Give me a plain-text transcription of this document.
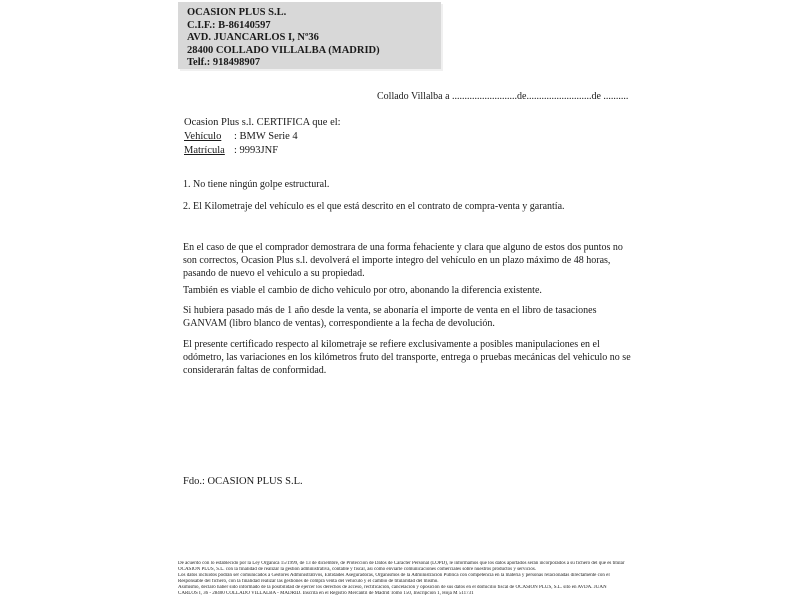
OCASION PLUS S.L.
C.I.F.: B-86140597
AVD. JUANCARLOS I, Nº36
28400 COLLADO VILLALBA (MADRID)
Telf.: 918498907
Collado Villalba a ..........................de..........................de ..........
Ocasion Plus s.l. CERTIFICA que el:
Vehículo : BMW Serie 4
Matrícula : 9993JNF
1. No tiene ningún golpe estructural.
2. El Kilometraje del vehículo es el que está descrito en el contrato de compra-venta y garantía.
En el caso de que el comprador demostrara de una forma fehaciente y clara que alguno de estos dos puntos no son correctos, Ocasion Plus s.l. devolverá el importe integro del vehículo en un plazo máximo de 48 horas, pasando de nuevo el vehiculo a su propiedad.
También es viable el cambio de dicho vehiculo por otro, abonando la diferencia existente.
Si hubiera pasado más de 1 año desde la venta, se abonaría el importe de venta en el libro de tasaciones GANVAM (libro blanco de ventas), correspondiente a la fecha de devolución.
El presente certificado respecto al kilometraje se refiere exclusivamente a posibles manipulaciones en el odómetro, las variaciones en los kilómetros fruto del transporte, entrega o pruebas mecánicas del vehiculo no se considerarán faltas de conformidad.
Fdo.: OCASION PLUS S.L.
De acuerdo con lo establecido por la Ley Orgánica 15/1999, de 13 de diciembre, de Protección de Datos de Carácter Personal (LOPD), le informamos que los datos aportados serán incorporados a su fichero del que es titular
OCASIÓN PLUS, S.L. con la finalidad de realizar la gestión administrativa, contable y fiscal, así como enviarle comunicaciones comerciales sobre nuestros productos y servicios.
Los datos incluidos podrán ser comunicados a Gestores Administrativos, Entidades Aseguradoras, Organismos de la Administración Pública con competencia en la materia y personas relacionadas directamente con el
Responsable del fichero, con la finalidad realizar las gestiones de compra venta del vehículo y el cambio de titularidad del mismo.
Asimismo, declaro haber sido informado de la posibilidad de ejercer los derechos de acceso, rectificación, cancelación y oposición de sus datos en el domicilio fiscal de OCASIÓN PLUS, S.L. sito en AVDA. JUAN
CARLOS I, 36 - 28400 COLLADO VILLALBA - MADRID. Inscrita en el Registro Mercantil de Madrid Tomo 150, Inscripción 1, Hoja M 511731
